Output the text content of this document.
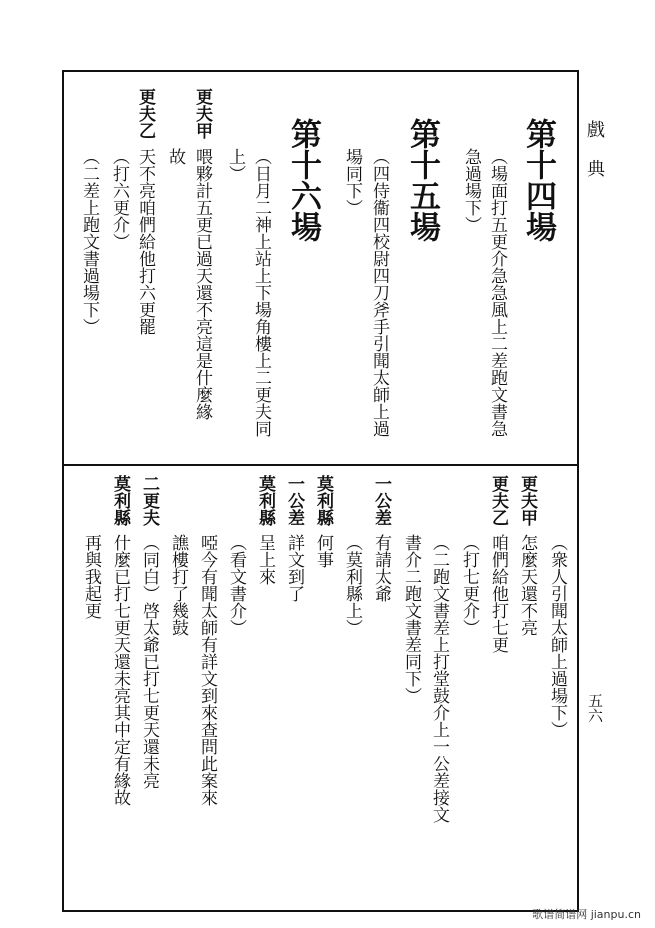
戲 典
五六
第十四場
（場面打五更介急急風上二差跑文書急
急過場下）
第十五場
（四侍衞四校尉四刀斧手引聞太師上過
場同下）
第十六場
（日月二神上站上下場角樓上二更夫同
上）
更夫甲
喂夥計五更已過天還不亮這是什麼緣
故
更夫乙
天不亮咱們給他打六更罷
（打六更介）
（二差上跑文書過場下）
（衆人引聞太師上過場下）
更夫甲
怎麼天還不亮
更夫乙
咱們給他打七更
（打七更介）
（二跑文書差上打堂鼓介上一公差接文
書介二跑文書差同下）
一公差
有請太爺
（莫利縣上）
莫利縣
何事
一公差
詳文到了
莫利縣
呈上來
（看文書介）
啞今有聞太師有詳文到來查問此案來
譙樓打了幾鼓
二更夫
（同白）啓太爺已打七更天還未亮
莫利縣
什麼已打七更天還未亮其中定有緣故
再與我起更
歌谱简谱网 jianpu.cn
